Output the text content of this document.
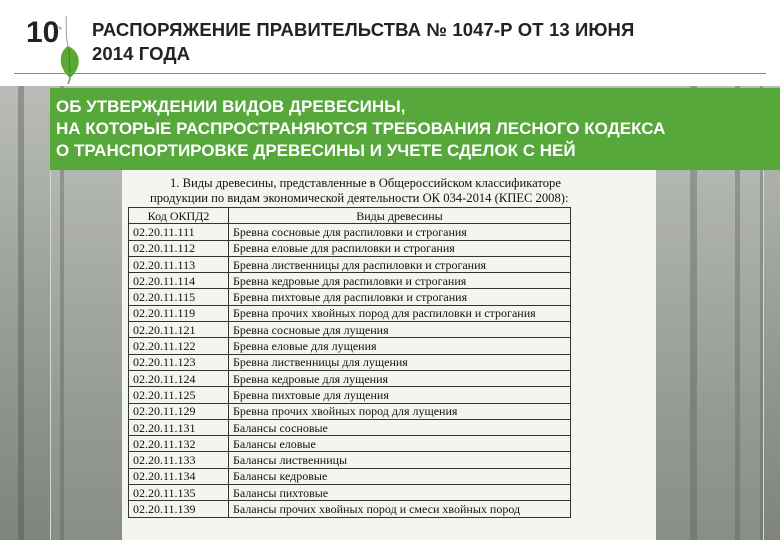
10 РАСПОРЯЖЕНИЕ ПРАВИТЕЛЬСТВА № 1047-Р ОТ 13 ИЮНЯ
2014 ГОДА
ОБ УТВЕРЖДЕНИИ ВИДОВ ДРЕВЕСИНЫ,
НА КОТОРЫЕ РАСПРОСТРАНЯЮТСЯ ТРЕБОВАНИЯ ЛЕСНОГО КОДЕКСА
О ТРАНСПОРТИРОВКЕ ДРЕВЕСИНЫ И УЧЕТЕ СДЕЛОК С НЕЙ
1. Виды древесины, представленные в Общероссийском классификаторе
продукции по видам экономической деятельности ОК 034-2014 (КПЕС 2008):
Код ОКПД2	Виды древесины
02.20.11.111	Бревна сосновые для распиловки и строгания
02.20.11.112	Бревна еловые для распиловки и строгания
02.20.11.113	Бревна лиственницы для распиловки и строгания
02.20.11.114	Бревна кедровые для распиловки и строгания
02.20.11.115	Бревна пихтовые для распиловки и строгания
02.20.11.119	Бревна прочих хвойных пород для распиловки и строгания
02.20.11.121	Бревна сосновые для лущения
02.20.11.122	Бревна еловые для лущения
02.20.11.123	Бревна лиственницы для лущения
02.20.11.124	Бревна кедровые для лущения
02.20.11.125	Бревна пихтовые для лущения
02.20.11.129	Бревна прочих хвойных пород для лущения
02.20.11.131	Балансы сосновые
02.20.11.132	Балансы еловые
02.20.11.133	Балансы лиственницы
02.20.11.134	Балансы кедровые
02.20.11.135	Балансы пихтовые
02.20.11.139	Балансы прочих хвойных пород и смеси хвойных пород
